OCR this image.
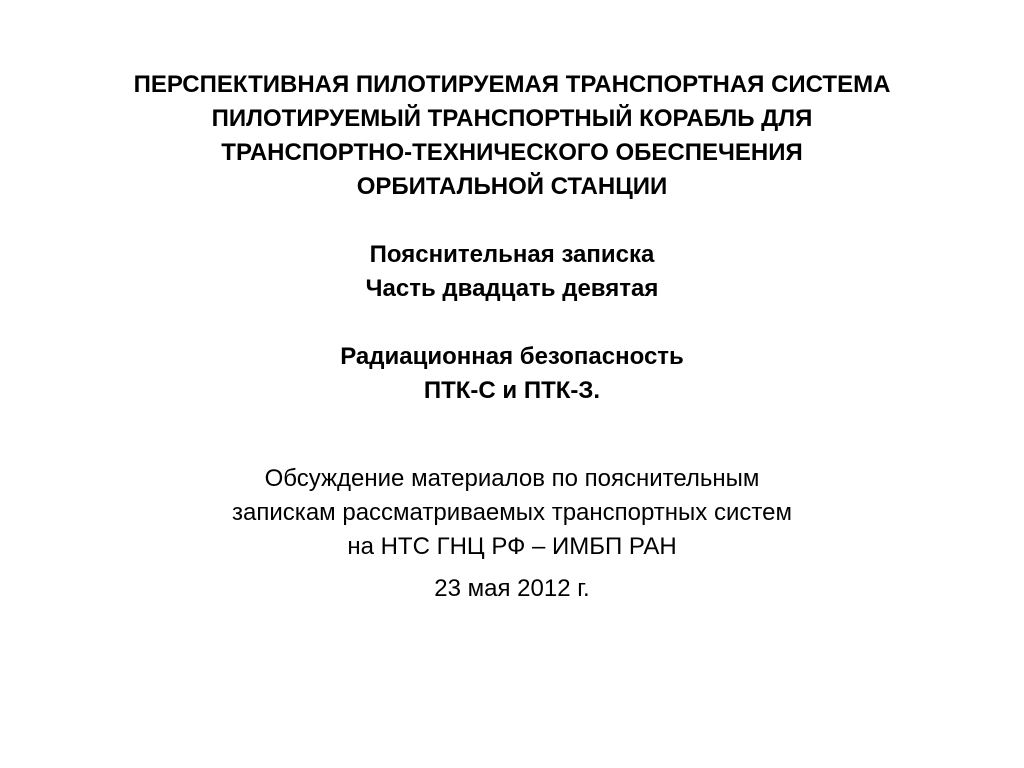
ПЕРСПЕКТИВНАЯ ПИЛОТИРУЕМАЯ ТРАНСПОРТНАЯ СИСТЕМА
ПИЛОТИРУЕМЫЙ ТРАНСПОРТНЫЙ КОРАБЛЬ ДЛЯ
ТРАНСПОРТНО-ТЕХНИЧЕСКОГО ОБЕСПЕЧЕНИЯ
ОРБИТАЛЬНОЙ СТАНЦИИ
Пояснительная записка
Часть двадцать девятая
Радиационная безопасность
ПТК-С и ПТК-З.
Обсуждение материалов по пояснительным
запискам рассматриваемых транспортных систем
на НТС ГНЦ РФ – ИМБП РАН
23 мая 2012 г.
